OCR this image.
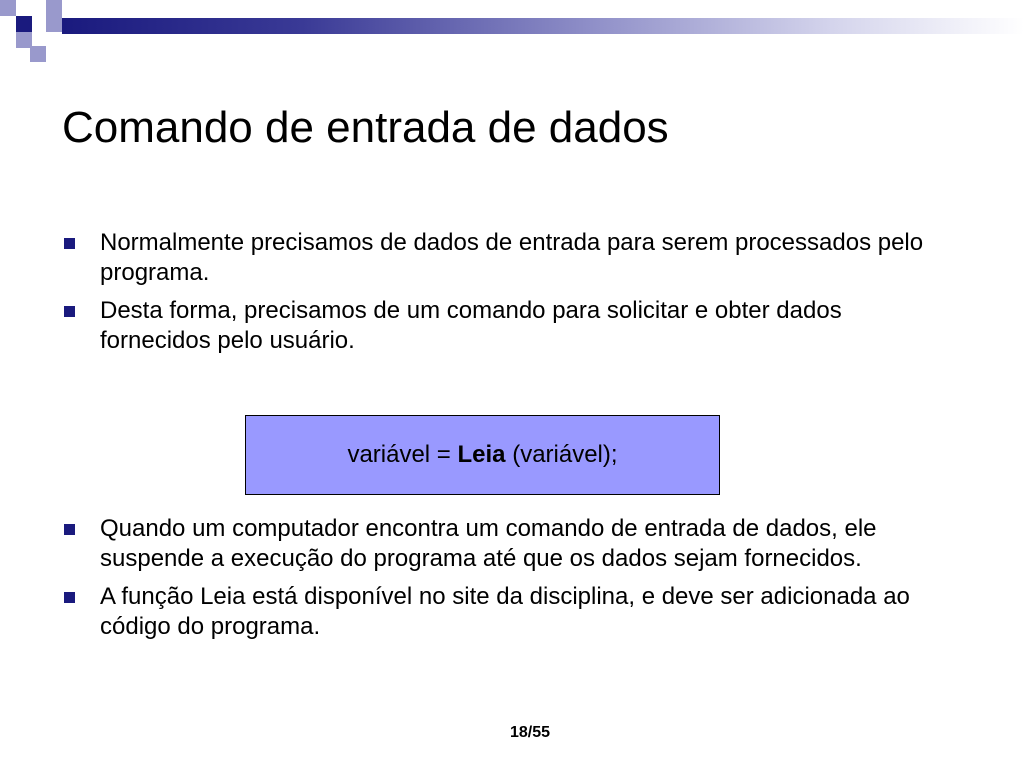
Comando de entrada de dados
Normalmente precisamos de dados de entrada para serem processados pelo programa.
Desta forma, precisamos de um comando para solicitar e obter dados fornecidos pelo usuário.
variável = Leia (variável);
Quando um computador encontra um comando de entrada de dados, ele suspende a execução do programa até que os dados sejam fornecidos.
A função Leia está disponível no site da disciplina, e deve ser adicionada ao código do programa.
18/55
